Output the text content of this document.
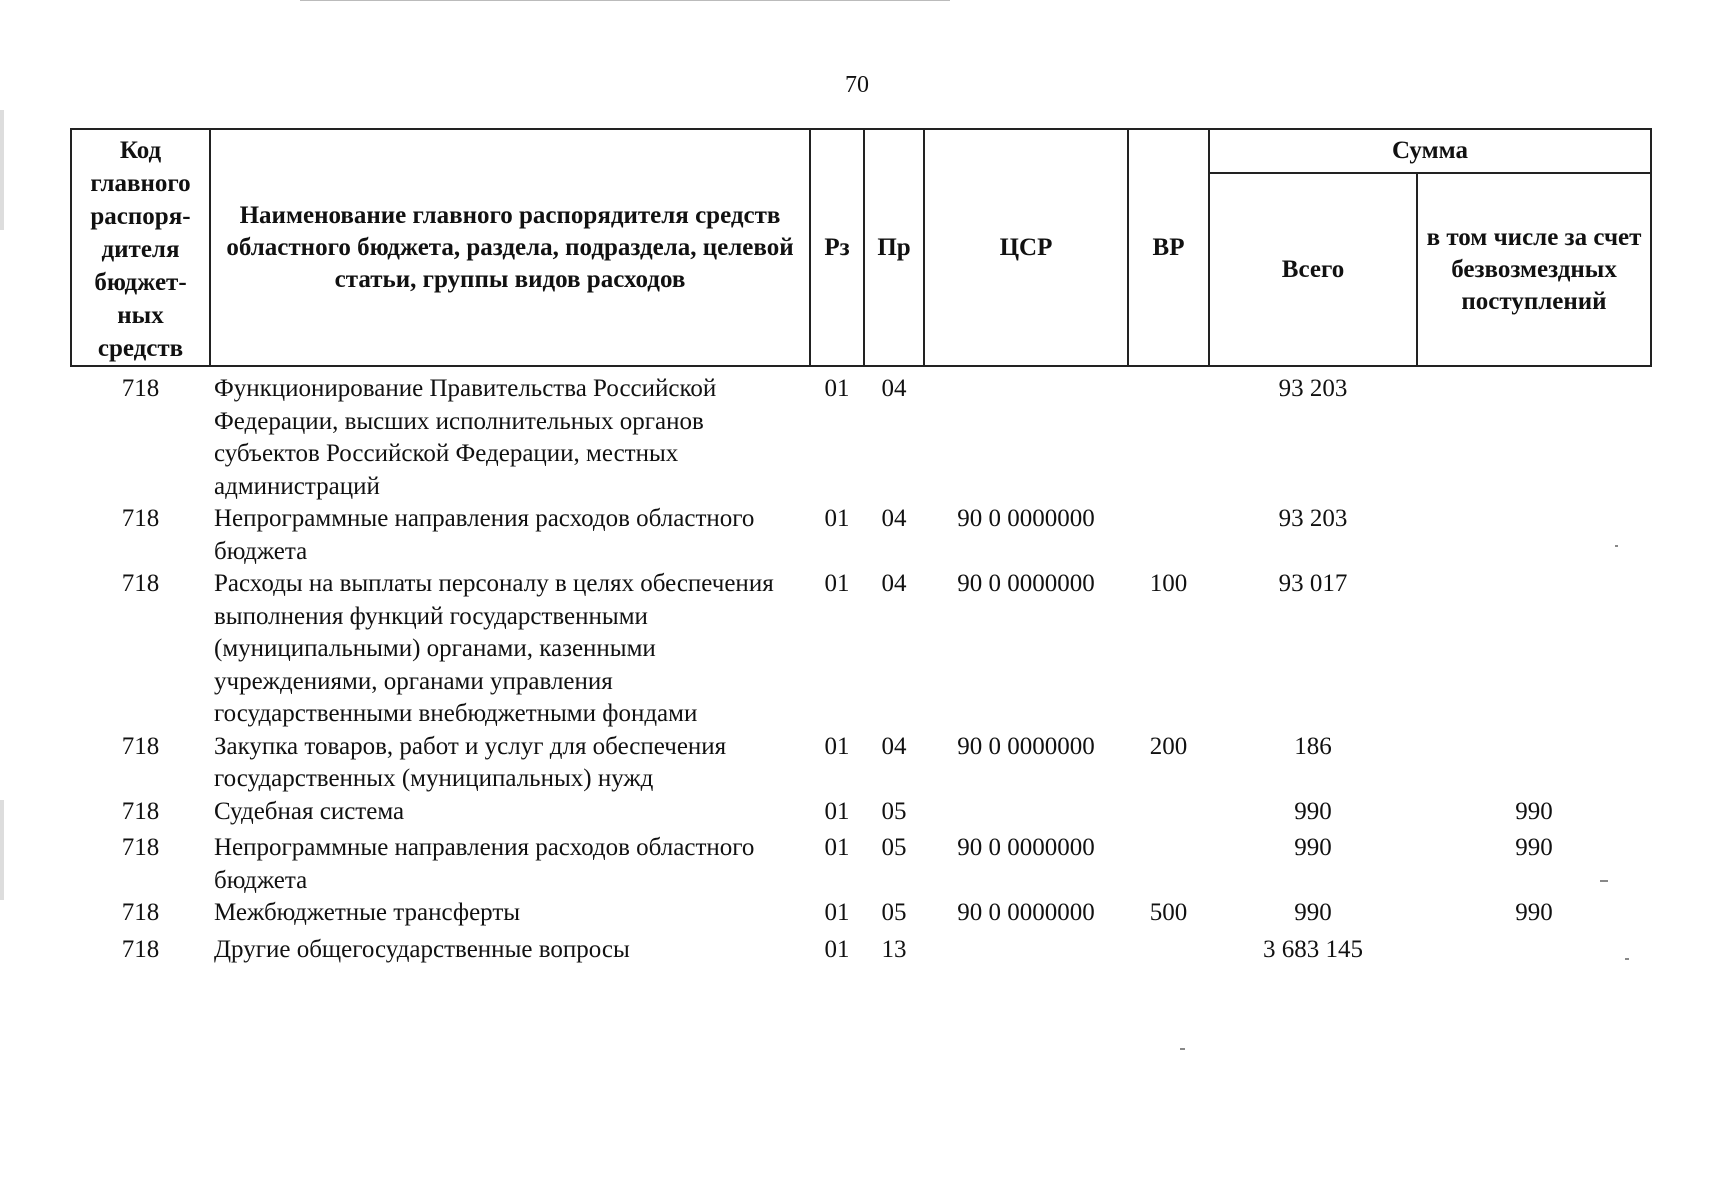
70
Код главного распоря-дителя бюджет-ных средств	Наименование главного распорядителя средств областного бюджета, раздела, подраздела, целевой статьи, группы видов расходов	Рз	Пр	ЦСР	ВР	Сумма	
						Всего	в том числе за счет безвозмездных поступлений
718	Функционирование Правительства Российской Федерации, высших исполнительных органов субъектов Российской Федерации, местных администраций	01	04			93 203	
718	Непрограммные направления расходов областного бюджета	01	04	90 0 0000000		93 203	
718	Расходы на выплаты персоналу в целях обеспечения выполнения функций государственными (муниципальными) органами, казенными учреждениями, органами управления государственными внебюджетными фондами	01	04	90 0 0000000	100	93 017	
718	Закупка товаров, работ и услуг для обеспечения государственных (муниципальных) нужд	01	04	90 0 0000000	200	186	
718	Судебная система	01	05			990	990
718	Непрограммные направления расходов областного бюджета	01	05	90 0 0000000		990	990
718	Межбюджетные трансферты	01	05	90 0 0000000	500	990	990
718	Другие общегосударственные вопросы	01	13			3 683 145	
